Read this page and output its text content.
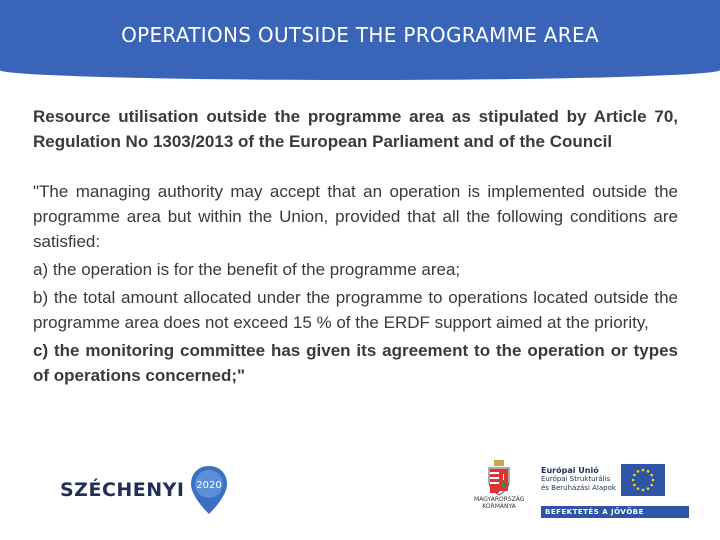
OPERATIONS OUTSIDE THE PROGRAMME AREA

Resource utilisation outside the programme area as stipulated by Article 70, Regulation No 1303/2013 of the European Parliament and of the Council

"The managing authority may accept that an operation is implemented outside the programme area but within the Union, provided that all the following conditions are satisfied:

a) the operation is for the benefit of the programme area;

b) the total amount allocated under the programme to operations located outside the programme area does not exceed 15 % of the ERDF support aimed at the priority,

c) the monitoring committee has given its agreement to the operation or types of operations concerned;"

SZÉCHENYI 2020
MAGYARORSZÁG
KORMÁNYA
Európai Unió
Európai Strukturális
és Beruházási Alapok
BEFEKTETÉS A JÖVŐBE
